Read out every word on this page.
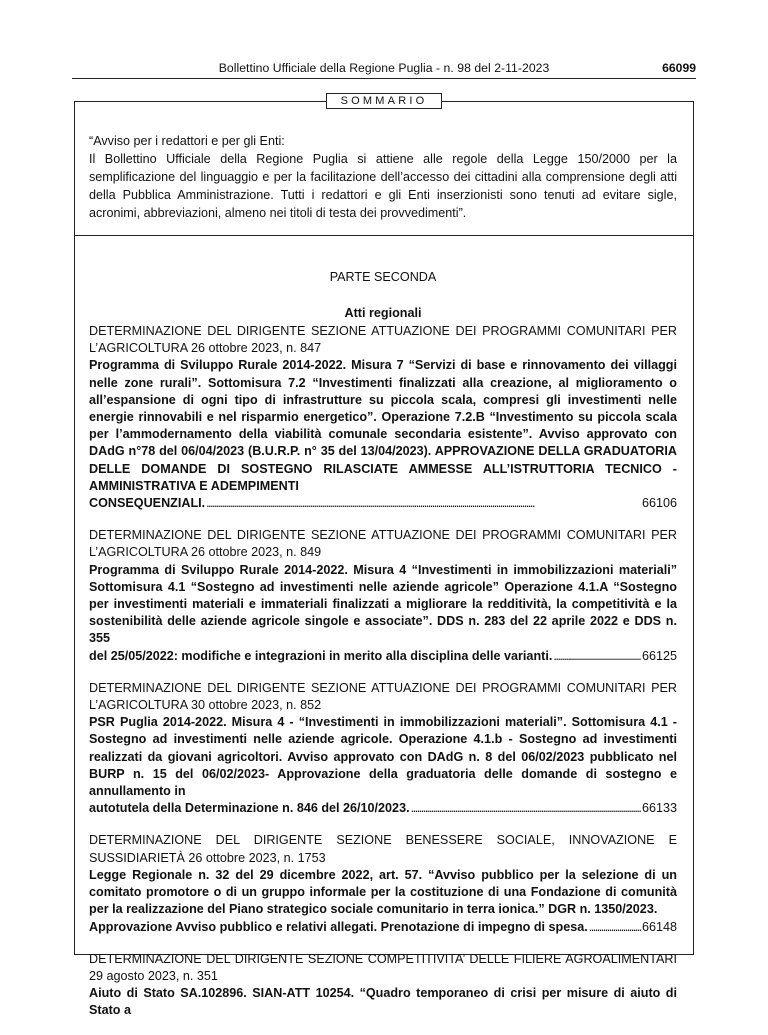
Bollettino Ufficiale della Regione Puglia - n. 98 del 2-11-2023	66099
SOMMARIO

“Avviso per i redattori e per gli Enti:

Il Bollettino Ufficiale della Regione Puglia si attiene alle regole della Legge 150/2000 per la semplificazione del linguaggio e per la facilitazione dell’accesso dei cittadini alla comprensione degli atti della Pubblica Amministrazione. Tutti i redattori e gli Enti inserzionisti sono tenuti ad evitare sigle, acronimi, abbreviazioni, almeno nei titoli di testa dei provvedimenti”.

PARTE SECONDA
Atti regionali
DETERMINAZIONE DEL DIRIGENTE SEZIONE ATTUAZIONE DEI PROGRAMMI COMUNITARI PER L’AGRICOLTURA 26 ottobre 2023, n. 847
Programma di Sviluppo Rurale 2014-2022. Misura 7 “Servizi di base e rinnovamento dei villaggi nelle zone rurali”. Sottomisura 7.2 “Investimenti finalizzati alla creazione, al miglioramento o all’espansione di ogni tipo di infrastrutture su piccola scala, compresi gli investimenti nelle energie rinnovabili e nel risparmio energetico”. Operazione 7.2.B “Investimento su piccola scala per l’ammodernamento della viabilità comunale secondaria esistente”. Avviso approvato con DAdG n°78 del 06/04/2023 (B.U.R.P. n° 35 del 13/04/2023). APPROVAZIONE DELLA GRADUATORIA DELLE DOMANDE DI SOSTEGNO RILASCIATE AMMESSE ALL’ISTRUTTORIA TECNICO - AMMINISTRATIVA E ADEMPIMENTI
CONSEQUENZIALI. . . .	66106
DETERMINAZIONE DEL DIRIGENTE SEZIONE ATTUAZIONE DEI PROGRAMMI COMUNITARI PER L’AGRICOLTURA 26 ottobre 2023, n. 849
Programma di Sviluppo Rurale 2014-2022. Misura 4 “Investimenti in immobilizzazioni materiali” Sottomisura 4.1 “Sostegno ad investimenti nelle aziende agricole” Operazione 4.1.A “Sostegno per investimenti materiali e immateriali finalizzati a migliorare la redditività, la competitività e la sostenibilità delle aziende agricole singole e associate”. DDS n. 283 del 22 aprile 2022 e DDS n. 355
del 25/05/2022: modifiche e integrazioni in merito alla disciplina delle varianti. . . .	66125
DETERMINAZIONE DEL DIRIGENTE SEZIONE ATTUAZIONE DEI PROGRAMMI COMUNITARI PER L’AGRICOLTURA 30 ottobre 2023, n. 852
PSR Puglia 2014-2022. Misura 4 - “Investimenti in immobilizzazioni materiali”. Sottomisura 4.1 - Sostegno ad investimenti nelle aziende agricole. Operazione 4.1.b - Sostegno ad investimenti realizzati da giovani agricoltori. Avviso approvato con DAdG n. 8 del 06/02/2023 pubblicato nel BURP n. 15 del 06/02/2023- Approvazione della graduatoria delle domande di sostegno e annullamento in
autotutela della Determinazione n. 846 del 26/10/2023. . . .	66133
DETERMINAZIONE DEL DIRIGENTE SEZIONE BENESSERE SOCIALE, INNOVAZIONE E SUSSIDIARIETÀ 26 ottobre 2023, n. 1753
Legge Regionale n. 32 del 29 dicembre 2022, art. 57. “Avviso pubblico per la selezione di un comitato promotore o di un gruppo informale per la costituzione di una Fondazione di comunità per la realizzazione del Piano strategico sociale comunitario in terra ionica.” DGR n. 1350/2023.
Approvazione Avviso pubblico e relativi allegati. Prenotazione di impegno di spesa. . . .	66148
DETERMINAZIONE DEL DIRIGENTE SEZIONE COMPETITIVITA’ DELLE FILIERE AGROALIMENTARI 29 agosto 2023, n. 351
Aiuto di Stato SA.102896. SIAN-ATT 10254. “Quadro temporaneo di crisi per misure di aiuto di Stato a
